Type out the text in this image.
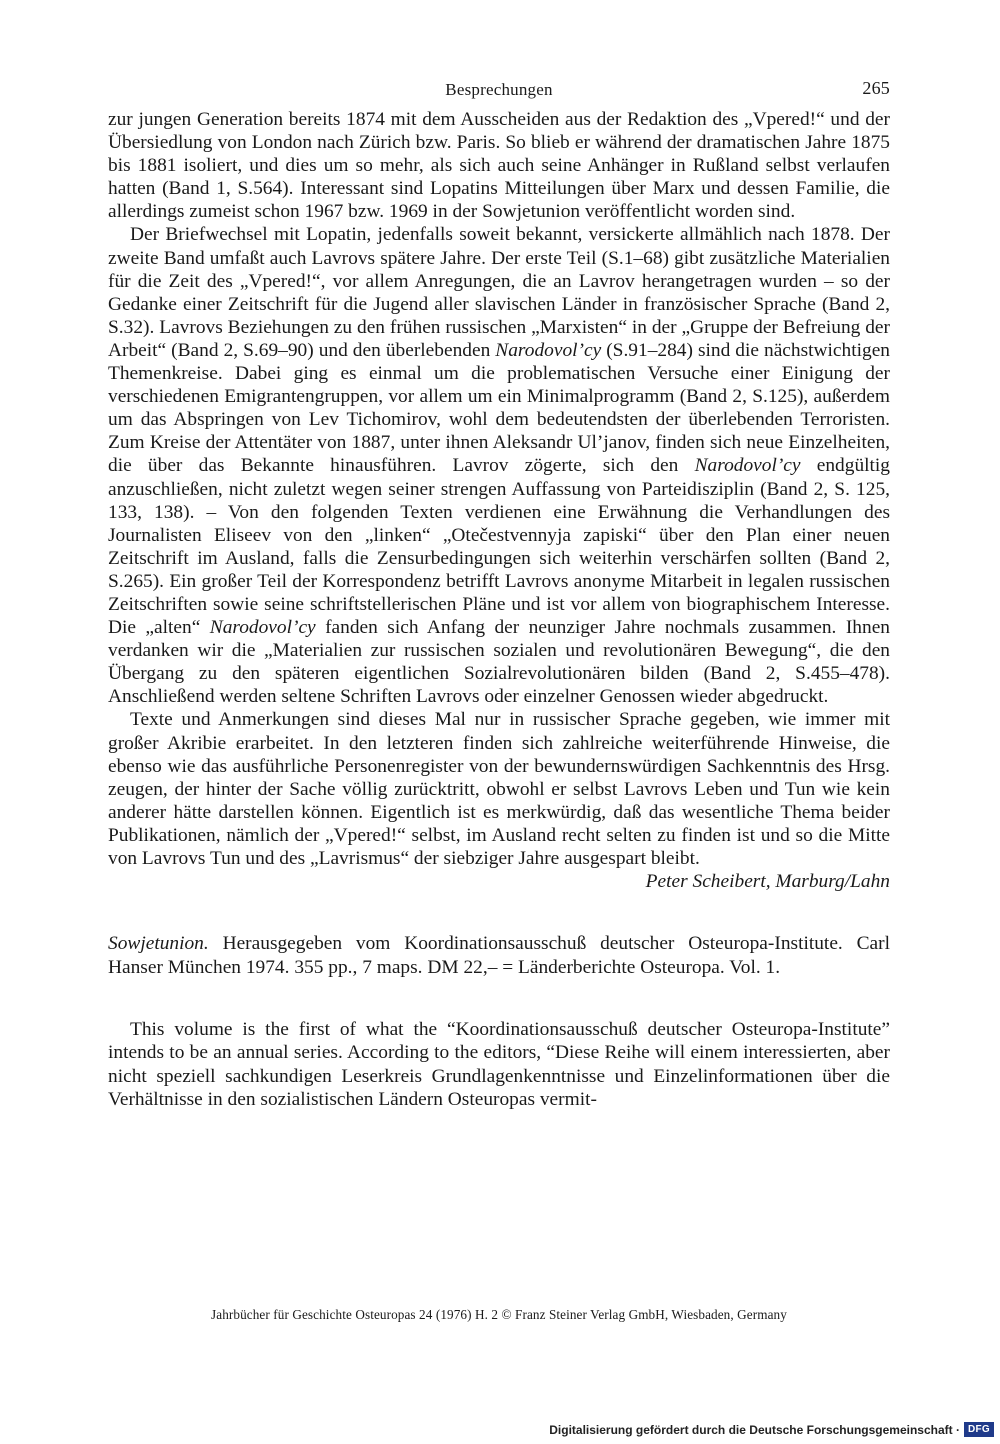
Besprechungen	265

zur jungen Generation bereits 1874 mit dem Ausscheiden aus der Redaktion des „Vpered!“ und der Übersiedlung von London nach Zürich bzw. Paris. So blieb er während der dramatischen Jahre 1875 bis 1881 isoliert, und dies um so mehr, als sich auch seine Anhänger in Rußland selbst verlaufen hatten (Band 1, S.564). Interessant sind Lopatins Mitteilungen über Marx und dessen Familie, die allerdings zumeist schon 1967 bzw. 1969 in der Sowjetunion veröffentlicht worden sind.

Der Briefwechsel mit Lopatin, jedenfalls soweit bekannt, versickerte allmählich nach 1878. Der zweite Band umfaßt auch Lavrovs spätere Jahre. Der erste Teil (S.1–68) gibt zusätzliche Materialien für die Zeit des „Vpered!“, vor allem Anregungen, die an Lavrov herangetragen wurden – so der Gedanke einer Zeitschrift für die Jugend aller slavischen Länder in französischer Sprache (Band 2, S.32). Lavrovs Beziehungen zu den frühen russischen „Marxisten“ in der „Gruppe der Befreiung der Arbeit“ (Band 2, S.69–90) und den überlebenden Narodovol’cy (S.91–284) sind die nächstwichtigen Themenkreise. Dabei ging es einmal um die problematischen Versuche einer Einigung der verschiedenen Emigrantengruppen, vor allem um ein Minimalprogramm (Band 2, S.125), außerdem um das Abspringen von Lev Tichomirov, wohl dem bedeutendsten der überlebenden Terroristen. Zum Kreise der Attentäter von 1887, unter ihnen Aleksandr Ul’janov, finden sich neue Einzelheiten, die über das Bekannte hinausführen. Lavrov zögerte, sich den Narodovol’cy endgültig anzuschließen, nicht zuletzt wegen seiner strengen Auffassung von Parteidisziplin (Band 2, S. 125, 133, 138). – Von den folgenden Texten verdienen eine Erwähnung die Verhandlungen des Journalisten Eliseev von den „linken“ „Otečestvennyja zapiski“ über den Plan einer neuen Zeitschrift im Ausland, falls die Zensurbedingungen sich weiterhin verschärfen sollten (Band 2, S.265). Ein großer Teil der Korrespondenz betrifft Lavrovs anonyme Mitarbeit in legalen russischen Zeitschriften sowie seine schriftstellerischen Pläne und ist vor allem von biographischem Interesse. Die „alten“ Narodovol’cy fanden sich Anfang der neunziger Jahre nochmals zusammen. Ihnen verdanken wir die „Materialien zur russischen sozialen und revolutionären Bewegung“, die den Übergang zu den späteren eigentlichen Sozialrevolutionären bilden (Band 2, S.455–478). Anschließend werden seltene Schriften Lavrovs oder einzelner Genossen wieder abgedruckt.

Texte und Anmerkungen sind dieses Mal nur in russischer Sprache gegeben, wie immer mit großer Akribie erarbeitet. In den letzteren finden sich zahlreiche weiterführende Hinweise, die ebenso wie das ausführliche Personenregister von der bewundernswürdigen Sachkenntnis des Hrsg. zeugen, der hinter der Sache völlig zurücktritt, obwohl er selbst Lavrovs Leben und Tun wie kein anderer hätte darstellen können. Eigentlich ist es merkwürdig, daß das wesentliche Thema beider Publikationen, nämlich der „Vpered!“ selbst, im Ausland recht selten zu finden ist und so die Mitte von Lavrovs Tun und des „Lavrismus“ der siebziger Jahre ausgespart bleibt.

Peter Scheibert, Marburg/Lahn
Sowjetunion. Herausgegeben vom Koordinationsausschuß deutscher Osteuropa-Institute. Carl Hanser München 1974. 355 pp., 7 maps. DM 22,– = Länderberichte Osteuropa. Vol. 1.
This volume is the first of what the “Koordinationsausschuß deutscher Osteuropa-Institute” intends to be an annual series. According to the editors, “Diese Reihe will einem interessierten, aber nicht speziell sachkundigen Leserkreis Grundlagenkenntnisse und Einzelinformationen über die Verhältnisse in den sozialistischen Ländern Osteuropas vermit-
Jahrbücher für Geschichte Osteuropas 24 (1976) H. 2 © Franz Steiner Verlag GmbH, Wiesbaden, Germany
Digitalisierung gefördert durch die Deutsche Forschungsgemeinschaft · DFG
